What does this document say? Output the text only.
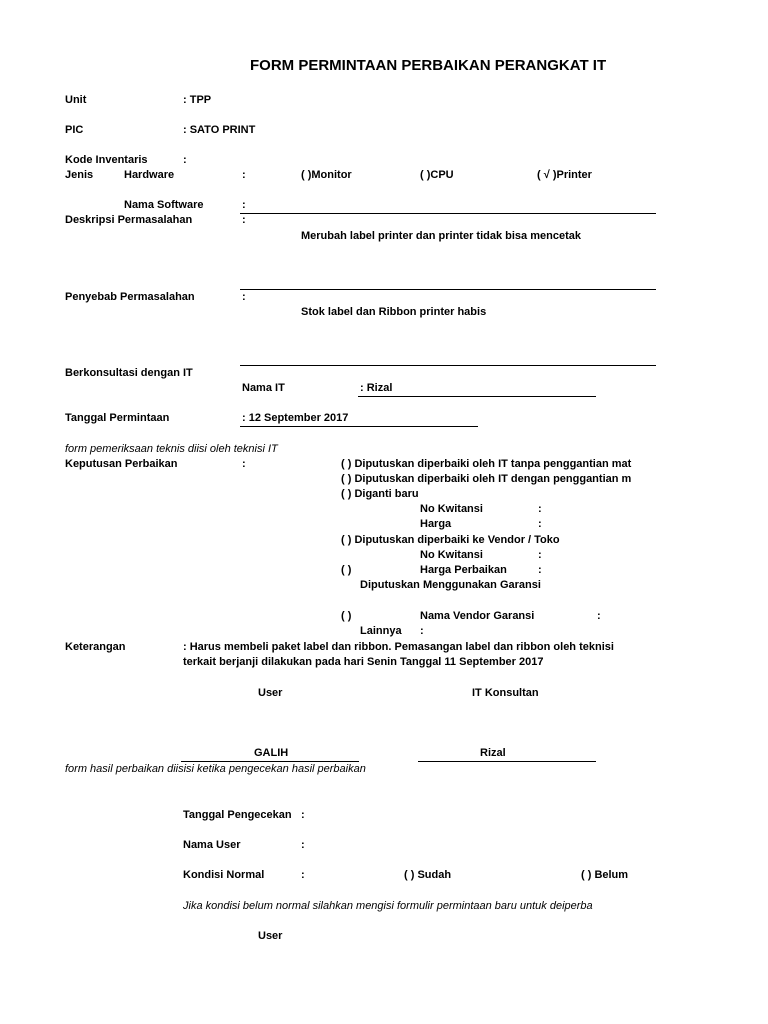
FORM PERMINTAAN PERBAIKAN PERANGKAT IT
Unit	: TPP
PIC	: SATO PRINT
Kode Inventaris	:
Jenis	Hardware	:	( )Monitor	( )CPU	( √ )Printer
Nama Software	:
Deskripsi Permasalahan	:
Merubah label printer dan printer tidak bisa mencetak
Penyebab Permasalahan	:
Stok label dan Ribbon printer habis
Berkonsultasi dengan IT
Nama IT	: Rizal
Tanggal Permintaan	: 12 September 2017
form pemeriksaan teknis diisi oleh teknisi IT
Keputusan Perbaikan	:	( ) Diputuskan diperbaiki oleh IT tanpa penggantian mat
( ) Diputuskan diperbaiki oleh IT dengan penggantian m
( ) Diganti baru
No Kwitansi	:
Harga	:
( ) Diputuskan diperbaiki ke Vendor / Toko
No Kwitansi	:
( )	Harga Perbaikan	:
Diputuskan Menggunakan Garansi
( )	Nama Vendor Garansi	:
Lainnya :
Keterangan	: Harus membeli paket label dan ribbon. Pemasangan label dan ribbon oleh teknisi
terkait berjanji dilakukan pada hari Senin Tanggal 11 September 2017
User	IT Konsultan
GALIH	Rizal
form hasil perbaikan diisisi ketika pengecekan hasil perbaikan
Tanggal Pengecekan :
Nama User	:
Kondisi Normal	:	( ) Sudah	( ) Belum
Jika kondisi belum normal silahkan mengisi formulir permintaan baru untuk deiperba
User
